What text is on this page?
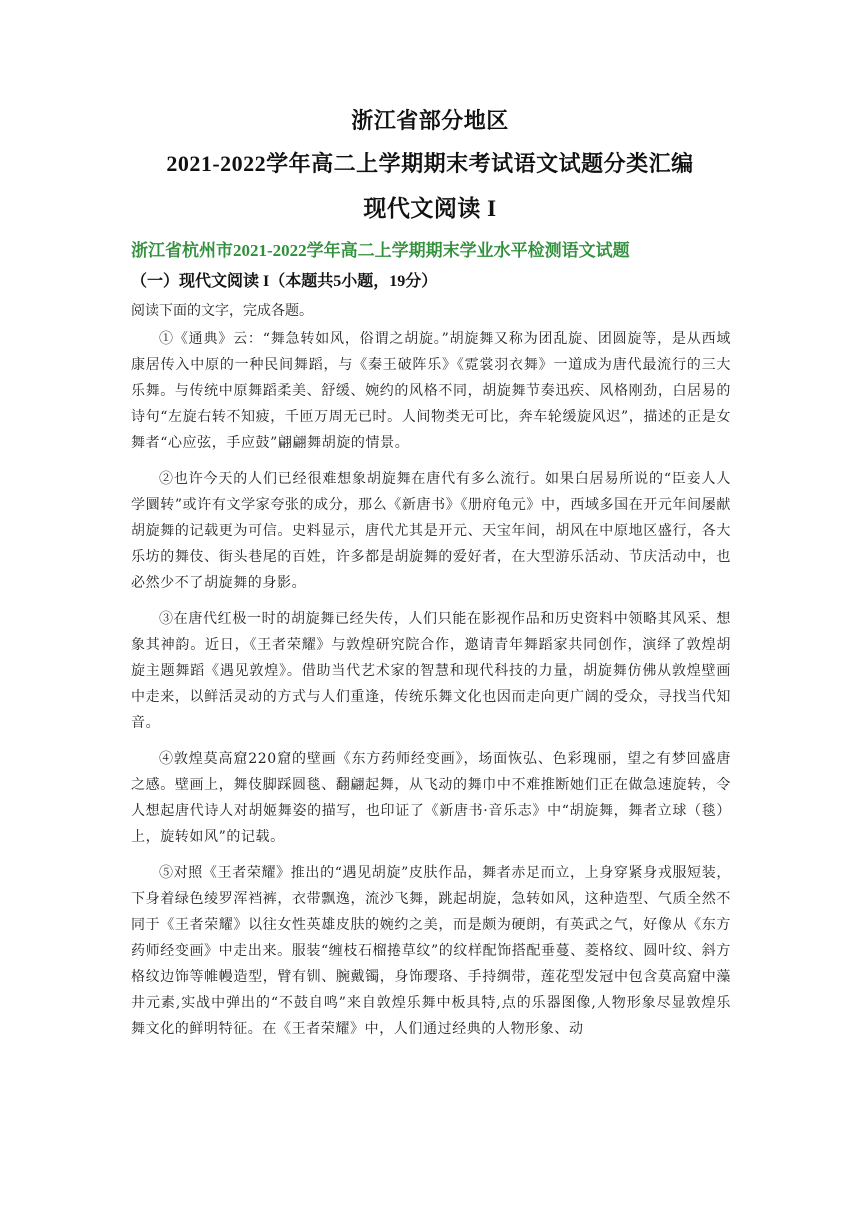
浙江省部分地区
2021-2022学年高二上学期期末考试语文试题分类汇编
现代文阅读 I
浙江省杭州市2021-2022学年高二上学期期末学业水平检测语文试题
（一）现代文阅读 I（本题共5小题，19分）
阅读下面的文字，完成各题。

①《通典》云：“舞急转如风，俗谓之胡旋。”胡旋舞又称为团乱旋、团圆旋等，是从西域康居传入中原的一种民间舞蹈，与《秦王破阵乐》《霓裳羽衣舞》一道成为唐代最流行的三大乐舞。与传统中原舞蹈柔美、舒缓、婉约的风格不同，胡旋舞节奏迅疾、风格刚劲，白居易的诗句“左旋右转不知疲，千匝万周无已时。人间物类无可比，奔车轮缓旋风迟”，描述的正是女舞者“心应弦，手应鼓”翩翩舞胡旋的情景。

②也许今天的人们已经很难想象胡旋舞在唐代有多么流行。如果白居易所说的“臣妾人人学圜转”或许有文学家夸张的成分，那么《新唐书》《册府龟元》中，西域多国在开元年间屡献胡旋舞的记载更为可信。史料显示，唐代尤其是开元、天宝年间，胡风在中原地区盛行，各大乐坊的舞伎、街头巷尾的百姓，许多都是胡旋舞的爱好者，在大型游乐活动、节庆活动中，也必然少不了胡旋舞的身影。

③在唐代红极一时的胡旋舞已经失传，人们只能在影视作品和历史资料中领略其风采、想象其神韵。近日，《王者荣耀》与敦煌研究院合作，邀请青年舞蹈家共同创作，演绎了敦煌胡旋主题舞蹈《遇见敦煌》。借助当代艺术家的智慧和现代科技的力量，胡旋舞仿佛从敦煌壁画中走来，以鲜活灵动的方式与人们重逢，传统乐舞文化也因而走向更广阔的受众，寻找当代知音。

④敦煌莫高窟220窟的壁画《东方药师经变画》，场面恢弘、色彩瑰丽，望之有梦回盛唐之感。壁画上，舞伎脚踩圆毯、翻翩起舞，从飞动的舞巾中不难推断她们正在做急速旋转，令人想起唐代诗人对胡姬舞姿的描写，也印证了《新唐书·音乐志》中“胡旋舞，舞者立球（毯）上，旋转如风”的记载。

⑤对照《王者荣耀》推出的“遇见胡旋”皮肤作品，舞者赤足而立，上身穿紧身戎服短装，下身着绿色绫罗浑裆裤，衣带飘逸，流沙飞舞，跳起胡旋，急转如风，这种造型、气质全然不同于《王者荣耀》以往女性英雄皮肤的婉约之美，而是颇为硬朗，有英武之气，好像从《东方药师经变画》中走出来。服装“缠枝石榴捲草纹”的纹样配饰搭配垂蔓、菱格纹、圆叶纹、斜方格纹边饰等帷幔造型，臂有钏、腕戴镯，身饰璎珞、手持绸带，莲花型发冠中包含莫高窟中藻井元素,实战中弹出的“不鼓自鸣”来自敦煌乐舞中板具特,点的乐器图像,人物形象尽显敦煌乐舞文化的鲜明特征。在《王者荣耀》中，人们通过经典的人物形象、动
